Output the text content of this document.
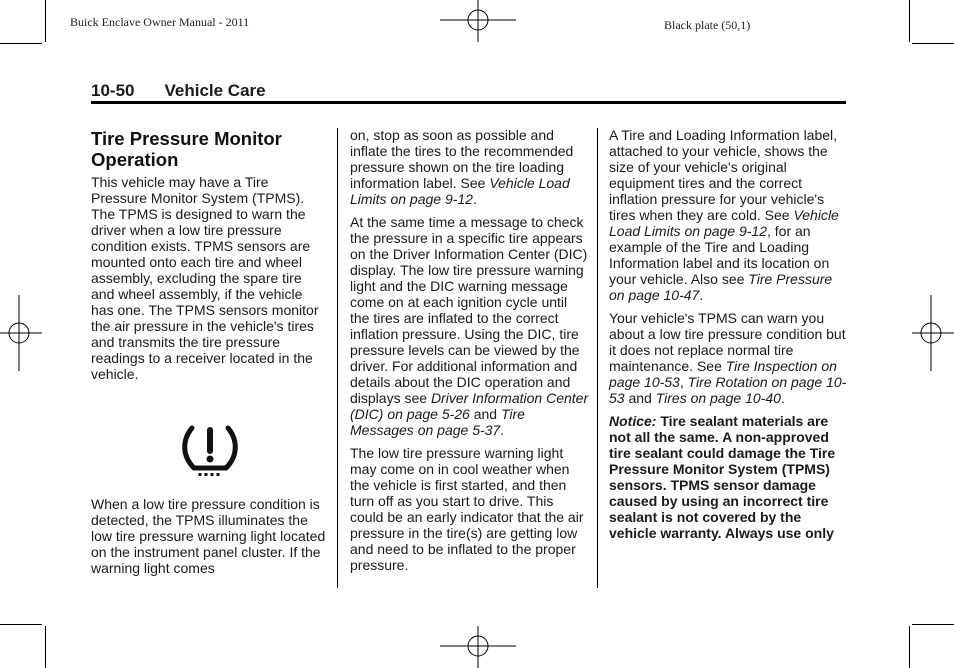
Buick Enclave Owner Manual - 2011	Black plate (50,1)
10-50 Vehicle Care
Tire Pressure Monitor Operation

This vehicle may have a Tire Pressure Monitor System (TPMS). The TPMS is designed to warn the driver when a low tire pressure condition exists. TPMS sensors are mounted onto each tire and wheel assembly, excluding the spare tire and wheel assembly, if the vehicle has one. The TPMS sensors monitor the air pressure in the vehicle's tires and transmits the tire pressure readings to a receiver located in the vehicle.

When a low tire pressure condition is detected, the TPMS illuminates the low tire pressure warning light located on the instrument panel cluster. If the warning light comes

on, stop as soon as possible and inflate the tires to the recommended pressure shown on the tire loading information label. See Vehicle Load Limits on page 9-12.

At the same time a message to check the pressure in a specific tire appears on the Driver Information Center (DIC) display. The low tire pressure warning light and the DIC warning message come on at each ignition cycle until the tires are inflated to the correct inflation pressure. Using the DIC, tire pressure levels can be viewed by the driver. For additional information and details about the DIC operation and displays see Driver Information Center (DIC) on page 5-26 and Tire Messages on page 5-37.

The low tire pressure warning light may come on in cool weather when the vehicle is first started, and then turn off as you start to drive. This could be an early indicator that the air pressure in the tire(s) are getting low and need to be inflated to the proper pressure.

A Tire and Loading Information label, attached to your vehicle, shows the size of your vehicle's original equipment tires and the correct inflation pressure for your vehicle's tires when they are cold. See Vehicle Load Limits on page 9-12, for an example of the Tire and Loading Information label and its location on your vehicle. Also see Tire Pressure on page 10-47.

Your vehicle's TPMS can warn you about a low tire pressure condition but it does not replace normal tire maintenance. See Tire Inspection on page 10-53, Tire Rotation on page 10-53 and Tires on page 10-40.

Notice: Tire sealant materials are not all the same. A non-approved tire sealant could damage the Tire Pressure Monitor System (TPMS) sensors. TPMS sensor damage caused by using an incorrect tire sealant is not covered by the vehicle warranty. Always use only
